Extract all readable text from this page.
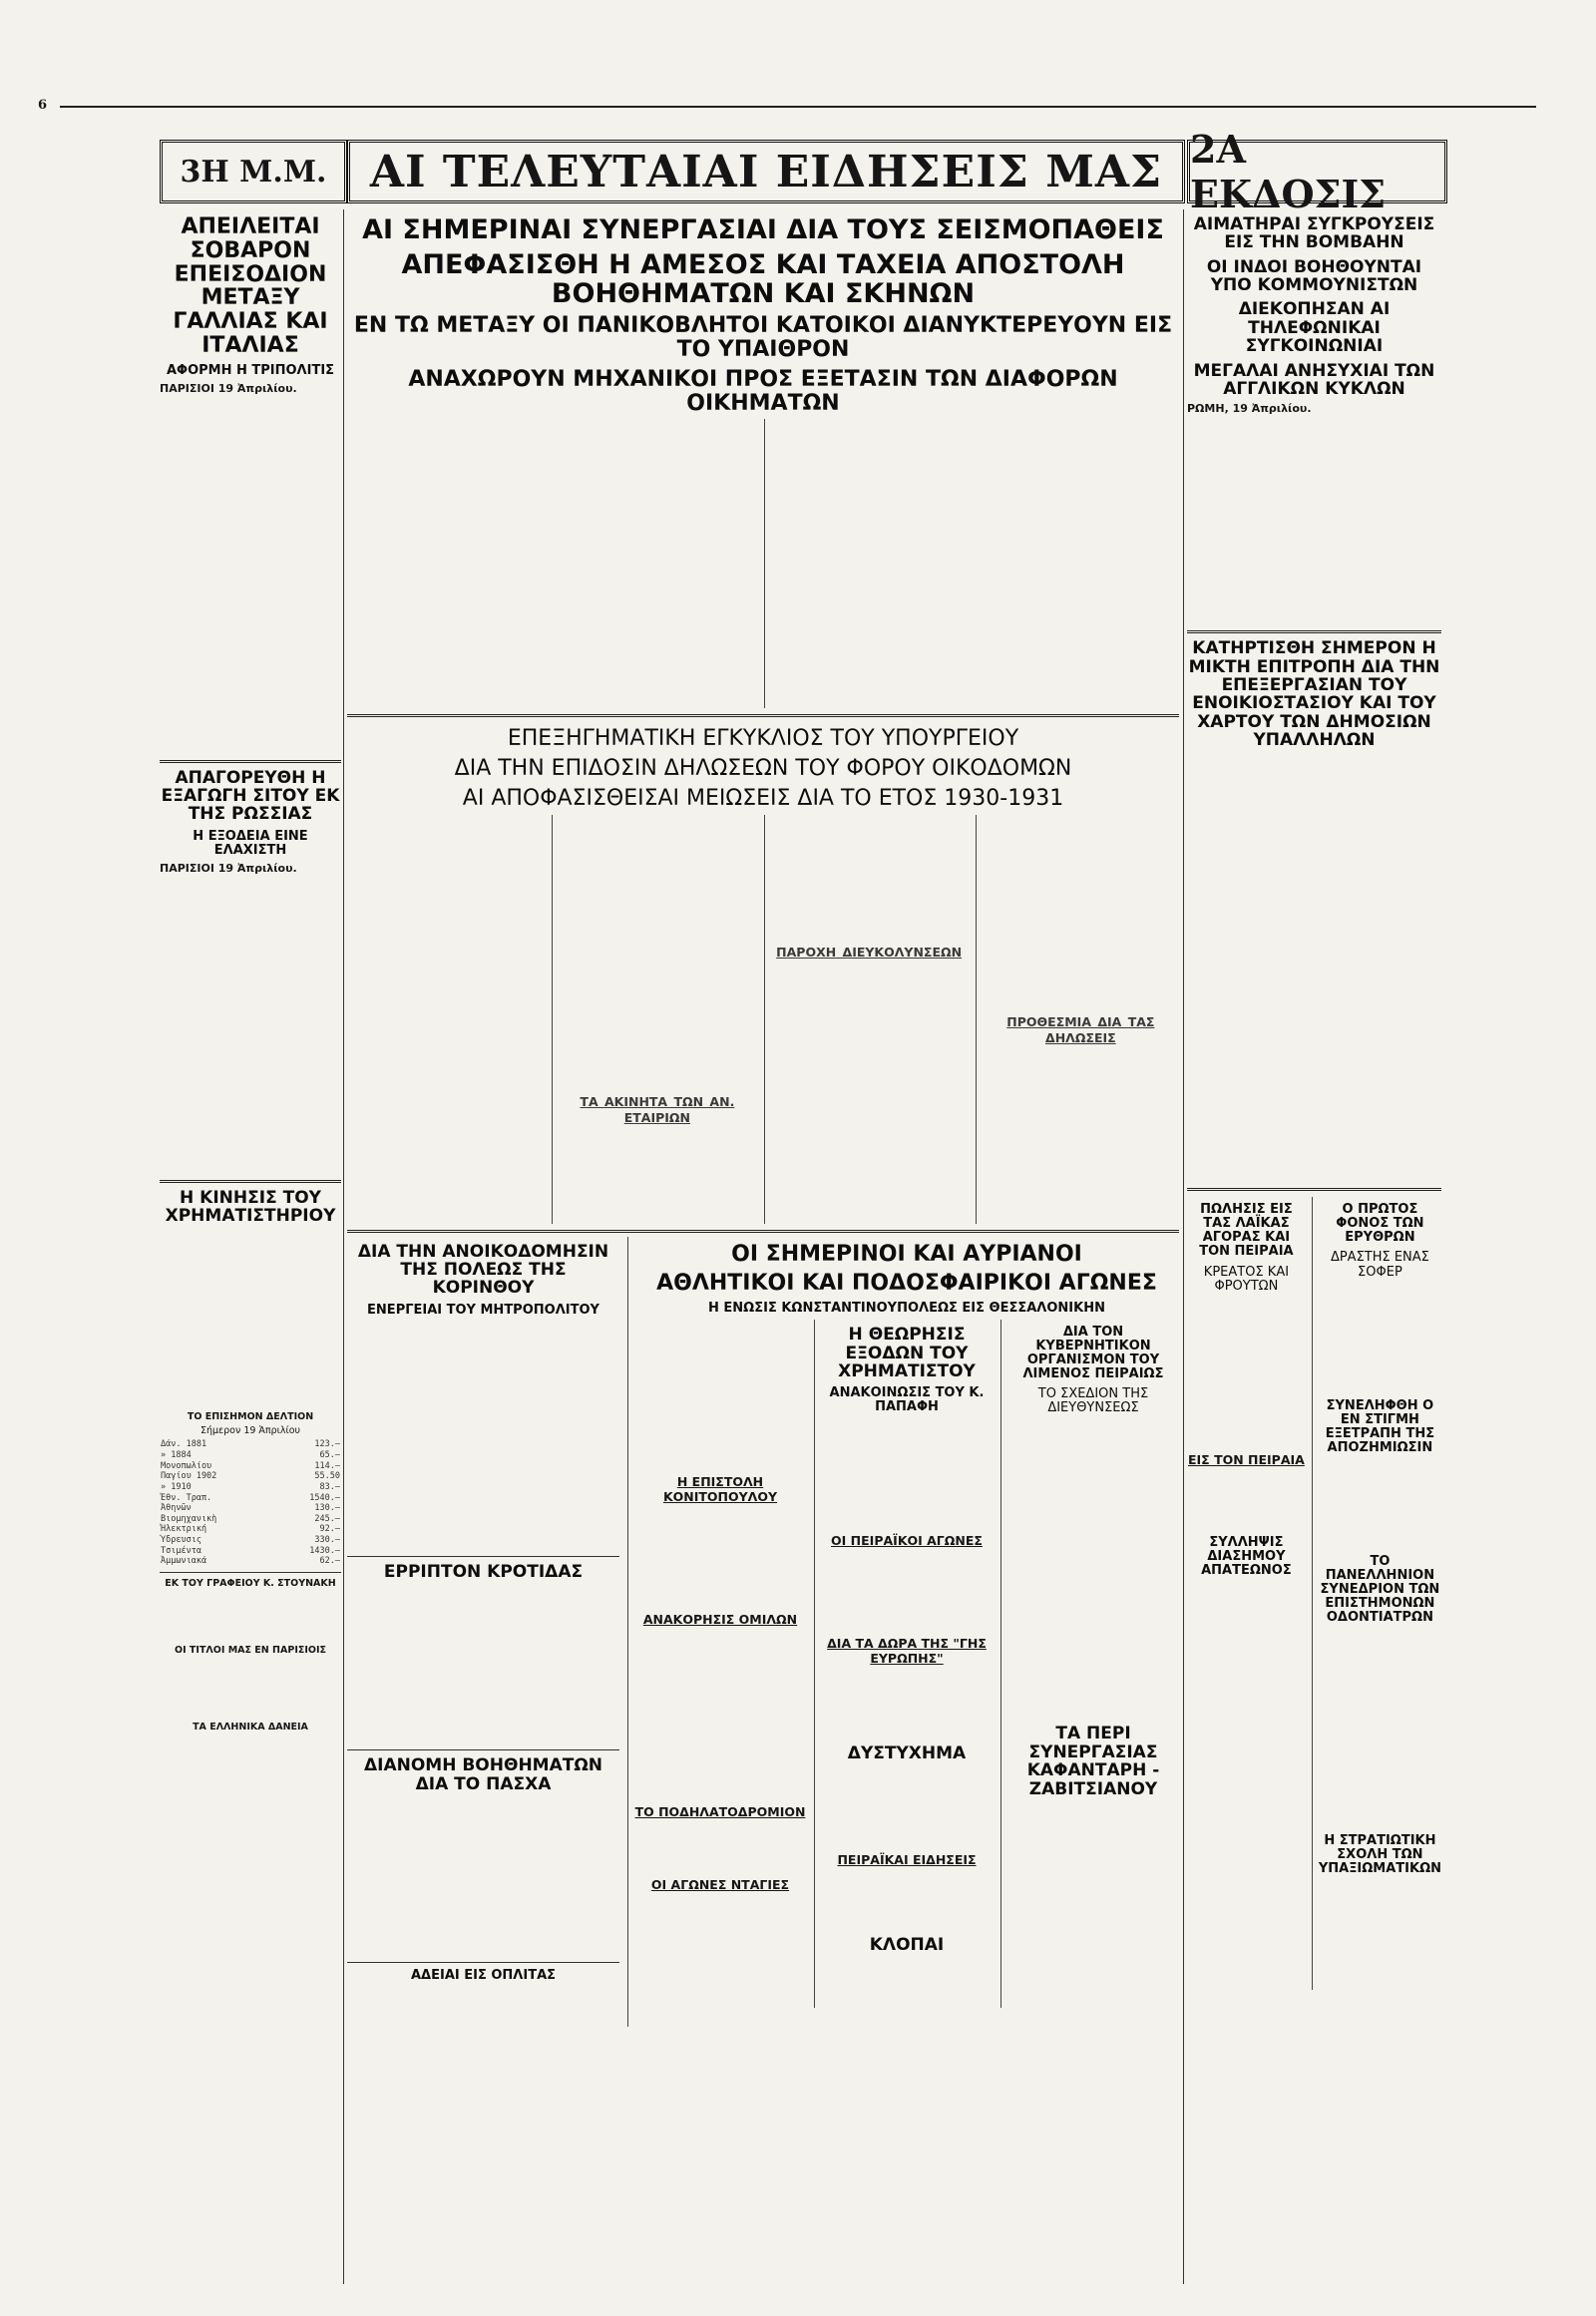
6
3Η Μ.Μ. ΑΙ ΤΕΛΕΥΤΑΙΑΙ ΕΙΔΗΣΕΙΣ ΜΑΣ 2Α ΕΚΔΟΣΙΣ
ΑΠΕΙΛΕΙΤΑΙ ΣΟΒΑΡΟΝ ΕΠΕΙΣΟΔΙΟΝ ΜΕΤΑΞΥ ΓΑΛΛΙΑΣ ΚΑΙ ΙΤΑΛΙΑΣ
ΑΦΟΡΜΗ Η ΤΡΙΠΟΛΙΤΙΣ
ΠΑΡΙΣΙΟΙ 19 Ἀπριλίου.
ΑΠΑΓΟΡΕΥΘΗ Η ΕΞΑΓΩΓΗ ΣΙΤΟΥ ΕΚ ΤΗΣ ΡΩΣΣΙΑΣ
Η ΕΞΟΔΕΙΑ ΕΙΝΕ ΕΛΑΧΙΣΤΗ
ΠΑΡΙΣΙΟΙ 19 Ἀπριλίου.
Η ΚΙΝΗΣΙΣ ΤΟΥ ΧΡΗΜΑΤΙΣΤΗΡΙΟΥ
ΤΟ ΕΠΙΣΗΜΟΝ ΔΕΛΤΙΟΝ
Σήμερον 19 Ἀπριλίου
Δάν. 1881	123.—
» 1884	65.—
Μονοπωλίου	114.—
Παγίου 1902	55.50
» 1910	83.—
Ἐθν. Τραπ.	1540.—
Ἀθηνῶν	130.—
Βιομηχανικὴ	245.—
Ἠλεκτρική	92.—
Ὕδρευσις	330.—
Τσιμέντα	1430.—
Ἀμμωνιακά	62.—
ΕΚ ΤΟΥ ΓΡΑΦΕΙΟΥ Κ. ΣΤΟΥΝΑΚΗ
ΟΙ ΤΙΤΛΟΙ ΜΑΣ ΕΝ ΠΑΡΙΣΙΟΙΣ
ΤΑ ΕΛΛΗΝΙΚΑ ΔΑΝΕΙΑ
ΑΙ ΣΗΜΕΡΙΝΑΙ ΣΥΝΕΡΓΑΣΙΑΙ ΔΙΑ ΤΟΥΣ ΣΕΙΣΜΟΠΑΘΕΙΣ
ΑΠΕΦΑΣΙΣΘΗ Η ΑΜΕΣΟΣ ΚΑΙ ΤΑΧΕΙΑ ΑΠΟΣΤΟΛΗ ΒΟΗΘΗΜΑΤΩΝ ΚΑΙ ΣΚΗΝΩΝ
ΕΝ ΤΩ ΜΕΤΑΞΥ ΟΙ ΠΑΝΙΚΟΒΛΗΤΟΙ ΚΑΤΟΙΚΟΙ ΔΙΑΝΥΚΤΕΡΕΥΟΥΝ ΕΙΣ ΤΟ ΥΠΑΙΘΡΟΝ
ΑΝΑΧΩΡΟΥΝ ΜΗΧΑΝΙΚΟΙ ΠΡΟΣ ΕΞΕΤΑΣΙΝ ΤΩΝ ΔΙΑΦΟΡΩΝ ΟΙΚΗΜΑΤΩΝ
ΕΠΕΞΗΓΗΜΑΤΙΚΗ ΕΓΚΥΚΛΙΟΣ ΤΟΥ ΥΠΟΥΡΓΕΙΟΥ
ΔΙΑ ΤΗΝ ΕΠΙΔΟΣΙΝ ΔΗΛΩΣΕΩΝ ΤΟΥ ΦΟΡΟΥ ΟΙΚΟΔΟΜΩΝ
ΑΙ ΑΠΟΦΑΣΙΣΘΕΙΣΑΙ ΜΕΙΩΣΕΙΣ ΔΙΑ ΤΟ ΕΤΟΣ 1930-1931
ΤΑ ΑΚΙΝΗΤΑ ΤΩΝ ΑΝ. ΕΤΑΙΡΙΩΝ
ΠΑΡΟΧΗ ΔΙΕΥΚΟΛΥΝΣΕΩΝ
ΠΡΟΘΕΣΜΙΑ ΔΙΑ ΤΑΣ ΔΗΛΩΣΕΙΣ
ΔΙΑ ΤΗΝ ΑΝΟΙΚΟΔΟΜΗΣΙΝ ΤΗΣ ΠΟΛΕΩΣ ΤΗΣ ΚΟΡΙΝΘΟΥ
ΕΝΕΡΓΕΙΑΙ ΤΟΥ ΜΗΤΡΟΠΟΛΙΤΟΥ
ΕΡΡΙΠΤΟΝ ΚΡΟΤΙΔΑΣ
ΔΙΑΝΟΜΗ ΒΟΗΘΗΜΑΤΩΝ ΔΙΑ ΤΟ ΠΑΣΧΑ
ΑΔΕΙΑΙ ΕΙΣ ΟΠΛΙΤΑΣ
ΟΙ ΣΗΜΕΡΙΝΟΙ ΚΑΙ ΑΥΡΙΑΝΟΙ
ΑΘΛΗΤΙΚΟΙ ΚΑΙ ΠΟΔΟΣΦΑΙΡΙΚΟΙ ΑΓΩΝΕΣ
Η ΕΝΩΣΙΣ ΚΩΝΣΤΑΝΤΙΝΟΥΠΟΛΕΩΣ ΕΙΣ ΘΕΣΣΑΛΟΝΙΚΗΝ
Η ΕΠΙΣΤΟΛΗ ΚΟΝΙΤΟΠΟΥΛΟΥ
ΑΝΑΚΟΡΗΣΙΣ ΟΜΙΛΩΝ
ΤΟ ΠΟΔΗΛΑΤΟΔΡΟΜΙΟΝ
ΟΙ ΑΓΩΝΕΣ ΝΤΑΓΙΕΣ
Η ΘΕΩΡΗΣΙΣ ΕΞΟΔΩΝ ΤΟΥ ΧΡΗΜΑΤΙΣΤΟΥ
ΑΝΑΚΟΙΝΩΣΙΣ ΤΟΥ Κ. ΠΑΠΑΦΗ
ΟΙ ΠΕΙΡΑΪΚΟΙ ΑΓΩΝΕΣ
ΔΙΑ ΤΑ ΔΩΡΑ ΤΗΣ "ΓΗΣ ΕΥΡΩΠΗΣ"
ΔΥΣΤΥΧΗΜΑ
ΠΕΙΡΑΪΚΑΙ ΕΙΔΗΣΕΙΣ
ΚΛΟΠΑΙ
ΔΙΑ ΤΟΝ ΚΥΒΕΡΝΗΤΙΚΟΝ ΟΡΓΑΝΙΣΜΟΝ ΤΟΥ ΛΙΜΕΝΟΣ ΠΕΙΡΑΙΩΣ
ΤΟ ΣΧΕΔΙΟΝ ΤΗΣ ΔΙΕΥΘΥΝΣΕΩΣ
ΤΑ ΠΕΡΙ ΣΥΝΕΡΓΑΣΙΑΣ ΚΑΦΑΝΤΑΡΗ - ΖΑΒΙΤΣΙΑΝΟΥ
ΑΙΜΑΤΗΡΑΙ ΣΥΓΚΡΟΥΣΕΙΣ ΕΙΣ ΤΗΝ ΒΟΜΒΑΗΝ
ΟΙ ΙΝΔΟΙ ΒΟΗΘΟΥΝΤΑΙ ΥΠΟ ΚΟΜΜΟΥΝΙΣΤΩΝ
ΔΙΕΚΟΠΗΣΑΝ ΑΙ ΤΗΛΕΦΩΝΙΚΑΙ ΣΥΓΚΟΙΝΩΝΙΑΙ
ΜΕΓΑΛΑΙ ΑΝΗΣΥΧΙΑΙ ΤΩΝ ΑΓΓΛΙΚΩΝ ΚΥΚΛΩΝ
ΡΩΜΗ, 19 Ἀπριλίου.
ΚΑΤΗΡΤΙΣΘΗ ΣΗΜΕΡΟΝ Η ΜΙΚΤΗ ΕΠΙΤΡΟΠΗ ΔΙΑ ΤΗΝ ΕΠΕΞΕΡΓΑΣΙΑΝ ΤΟΥ ΕΝΟΙΚΙΟΣΤΑΣΙΟΥ ΚΑΙ ΤΟΥ ΧΑΡΤΟΥ ΤΩΝ ΔΗΜΟΣΙΩΝ ΥΠΑΛΛΗΛΩΝ
ΠΩΛΗΣΙΣ ΕΙΣ ΤΑΣ ΛΑΪΚΑΣ ΑΓΟΡΑΣ ΚΑΙ ΤΟΝ ΠΕΙΡΑΙΑ
ΚΡΕΑΤΟΣ ΚΑΙ ΦΡΟΥΤΩΝ
ΕΙΣ ΤΟΝ ΠΕΙΡΑΙΑ
ΣΥΛΛΗΨΙΣ ΔΙΑΣΗΜΟΥ ΑΠΑΤΕΩΝΟΣ
Ο ΠΡΩΤΟΣ ΦΟΝΟΣ ΤΩΝ ΕΡΥΘΡΩΝ
ΔΡΑΣΤΗΣ ΕΝΑΣ ΣΟΦΕΡ
ΣΥΝΕΛΗΦΘΗ Ο ΕΝ ΣΤΙΓΜΗ ΕΞΕΤΡΑΠΗ ΤΗΣ ΑΠΟΖΗΜΙΩΣΙΝ
ΤΟ ΠΑΝΕΛΛΗΝΙΟΝ ΣΥΝΕΔΡΙΟΝ ΤΩΝ ΕΠΙΣΤΗΜΟΝΩΝ ΟΔΟΝΤΙΑΤΡΩΝ
Η ΣΤΡΑΤΙΩΤΙΚΗ ΣΧΟΛΗ ΤΩΝ ΥΠΑΞΙΩΜΑΤΙΚΩΝ
